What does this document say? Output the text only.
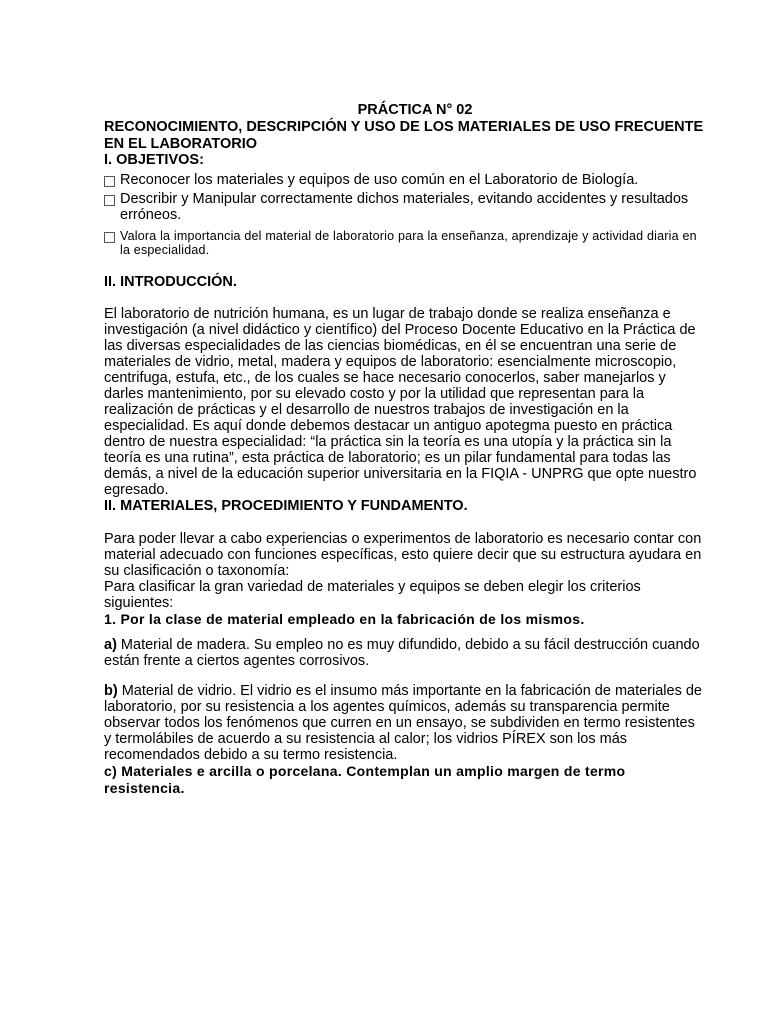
PRÁCTICA N° 02

RECONOCIMIENTO, DESCRIPCIÓN Y USO DE LOS MATERIALES DE USO FRECUENTE EN EL LABORATORIO

I. OBJETIVOS:

Reconocer los materiales y equipos de uso común en el Laboratorio de Biología.

Describir y Manipular correctamente dichos materiales, evitando accidentes y resultados erróneos.

Valora la importancia del material de laboratorio para la enseñanza, aprendizaje y actividad diaria en la especialidad.

II. INTRODUCCIÓN.

El laboratorio de nutrición humana, es un lugar de trabajo donde se realiza enseñanza e investigación (a nivel didáctico y científico) del Proceso Docente Educativo en la Práctica de las diversas especialidades de las ciencias biomédicas, en él se encuentran una serie de materiales de vidrio, metal, madera y equipos de laboratorio: esencialmente microscopio, centrifuga, estufa, etc., de los cuales se hace necesario conocerlos, saber manejarlos y darles mantenimiento, por su elevado costo y por la utilidad que representan para la realización de prácticas y el desarrollo de nuestros trabajos de investigación en la especialidad. Es aquí donde debemos destacar un antiguo apotegma puesto en práctica dentro de nuestra especialidad: “la práctica sin la teoría es una utopía y la práctica sin la teoría es una rutina”, esta práctica de laboratorio; es un pilar fundamental para todas las demás, a nivel de la educación superior universitaria en la FIQIA - UNPRG que opte nuestro egresado.

II. MATERIALES, PROCEDIMIENTO Y FUNDAMENTO.

Para poder llevar a cabo experiencias o experimentos de laboratorio es necesario contar con material adecuado con funciones específicas, esto quiere decir que su estructura ayudara en su clasificación o taxonomía:

Para clasificar la gran variedad de materiales y equipos se deben elegir los criterios siguientes:

1. Por la clase de material empleado en la fabricación de los mismos.

a) Material de madera. Su empleo no es muy difundido, debido a su fácil destrucción cuando están frente a ciertos agentes corrosivos.

b) Material de vidrio. El vidrio es el insumo más importante en la fabricación de materiales de laboratorio, por su resistencia a los agentes químicos, además su transparencia permite observar todos los fenómenos que curren en un ensayo, se subdividen en termo resistentes y termolábiles de acuerdo a su resistencia al calor; los vidrios PÍREX son los más recomendados debido a su termo resistencia.

c) Materiales e arcilla o porcelana. Contemplan un amplio margen de termo resistencia.
